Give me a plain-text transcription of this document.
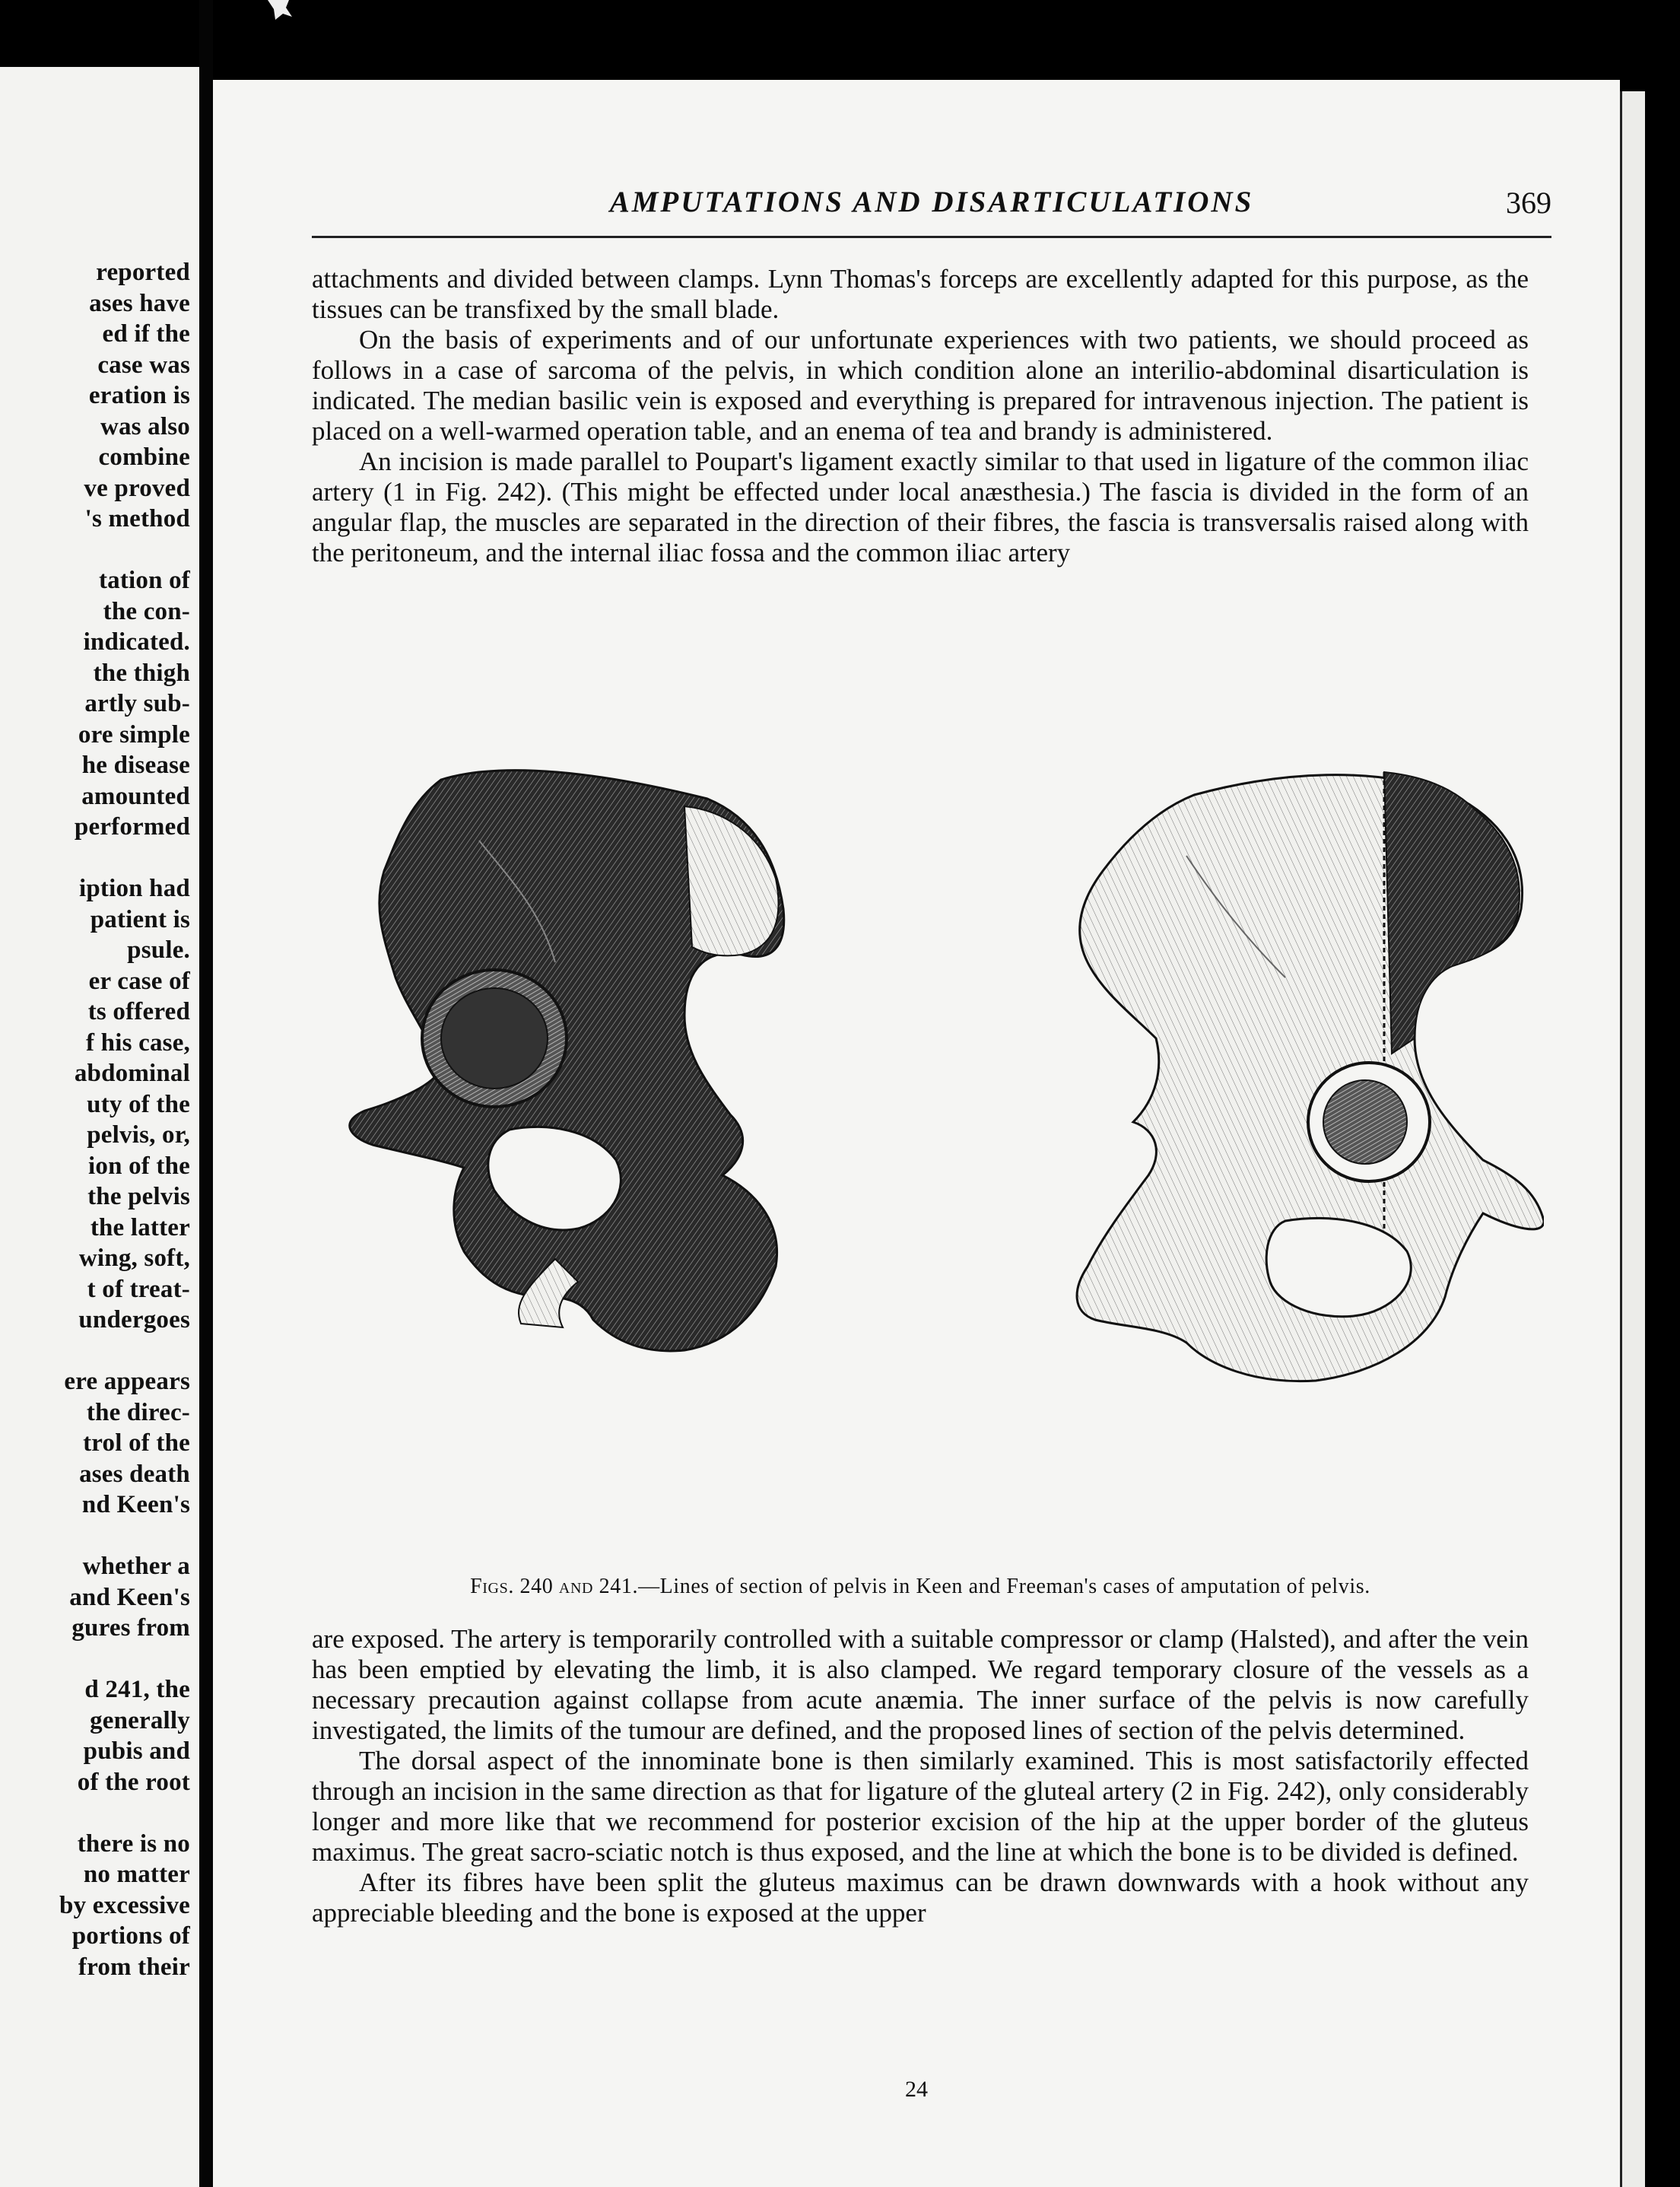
reported
ases have
ed if the
case was
eration is
was also
combine
ve proved
's method
tation of
the con-
indicated.
the thigh
artly sub-
ore simple
he disease
amounted
performed
iption had
patient is
psule.
er case of
ts offered
f his case,
abdominal
uty of the
pelvis, or,
ion of the
the pelvis
the latter
wing, soft,
t of treat-
undergoes
ere appears
the direc-
trol of the
ases death
nd Keen's
whether a
and Keen's
gures from
d 241, the
generally
pubis and
of the root
there is no
no matter
by excessive
portions of
from their
AMPUTATIONS AND DISARTICULATIONS	369

attachments and divided between clamps. Lynn Thomas's forceps are excellently adapted for this purpose, as the tissues can be transfixed by the small blade.

On the basis of experiments and of our unfortunate experiences with two patients, we should proceed as follows in a case of sarcoma of the pelvis, in which condition alone an interilio-abdominal disarticulation is indicated. The median basilic vein is exposed and everything is prepared for intravenous injection. The patient is placed on a well-warmed operation table, and an enema of tea and brandy is administered.

An incision is made parallel to Poupart's ligament exactly similar to that used in ligature of the common iliac artery (1 in Fig. 242). (This might be effected under local anæsthesia.) The fascia is divided in the form of an angular flap, the muscles are separated in the direction of their fibres, the fascia is transversalis raised along with the peritoneum, and the internal iliac fossa and the common iliac artery

Figs. 240 and 241.—Lines of section of pelvis in Keen and Freeman's cases of amputation of pelvis.

are exposed. The artery is temporarily controlled with a suitable compressor or clamp (Halsted), and after the vein has been emptied by elevating the limb, it is also clamped. We regard temporary closure of the vessels as a necessary precaution against collapse from acute anæmia. The inner surface of the pelvis is now carefully investigated, the limits of the tumour are defined, and the proposed lines of section of the pelvis determined.

The dorsal aspect of the innominate bone is then similarly examined. This is most satisfactorily effected through an incision in the same direction as that for ligature of the gluteal artery (2 in Fig. 242), only considerably longer and more like that we recommend for posterior excision of the hip at the upper border of the gluteus maximus. The great sacro-sciatic notch is thus exposed, and the line at which the bone is to be divided is defined.

After its fibres have been split the gluteus maximus can be drawn downwards with a hook without any appreciable bleeding and the bone is exposed at the upper

24
